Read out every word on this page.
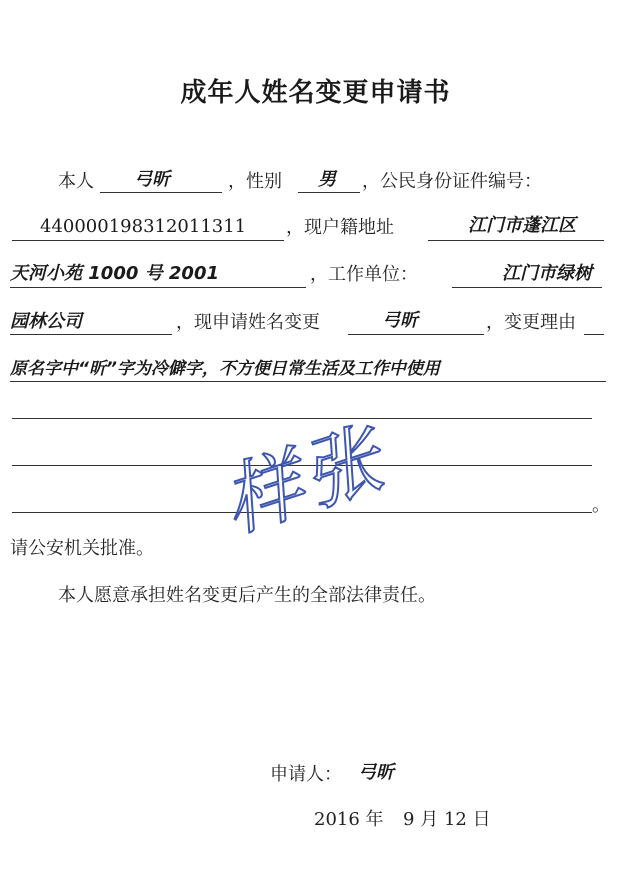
成年人姓名变更申请书
本人 弓昕	，性别 男 ，公民身份证件编号：
440000198312011311 ，现户籍地址	江门市蓬江区
天河小苑 1000 号 2001	，工作单位：	江门市绿树
园林公司	，现申请姓名变更	弓昕	，变更理由
原名字中“昕”字为冷僻字，不方便日常生活及工作中使用
。
请公安机关批准。
本人愿意承担姓名变更后产生的全部法律责任。
申请人： 弓昕
2016 年 9 月 12 日
样张
